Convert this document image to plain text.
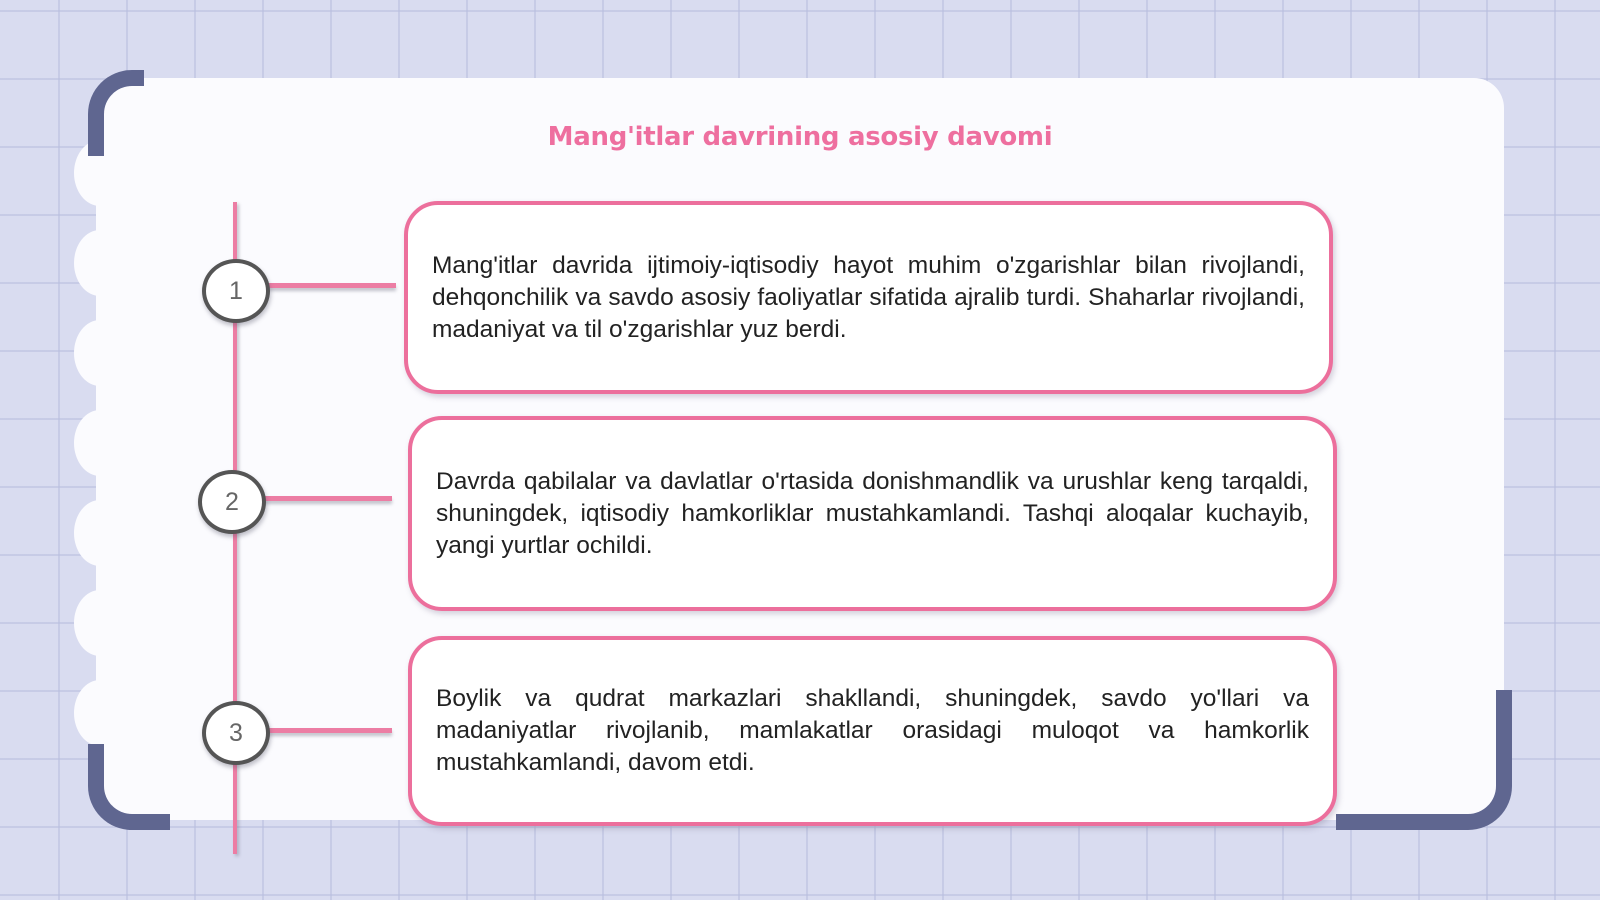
Mang'itlar davrining asosiy davomi
1
2
3

Mang'itlar davrida ijtimoiy-iqtisodiy hayot muhim o'zgarishlar bilan rivojlandi, dehqonchilik va savdo asosiy faoliyatlar sifatida ajralib turdi. Shaharlar rivojlandi, madaniyat va til o'zgarishlar yuz berdi.

Davrda qabilalar va davlatlar o'rtasida donishmandlik va urushlar keng tarqaldi, shuningdek, iqtisodiy hamkorliklar mustahkamlandi. Tashqi aloqalar kuchayib, yangi yurtlar ochildi.

Boylik va qudrat markazlari shakllandi, shuningdek, savdo yo'llari va madaniyatlar rivojlanib, mamlakatlar orasidagi muloqot va hamkorlik mustahkamlandi, davom etdi.
